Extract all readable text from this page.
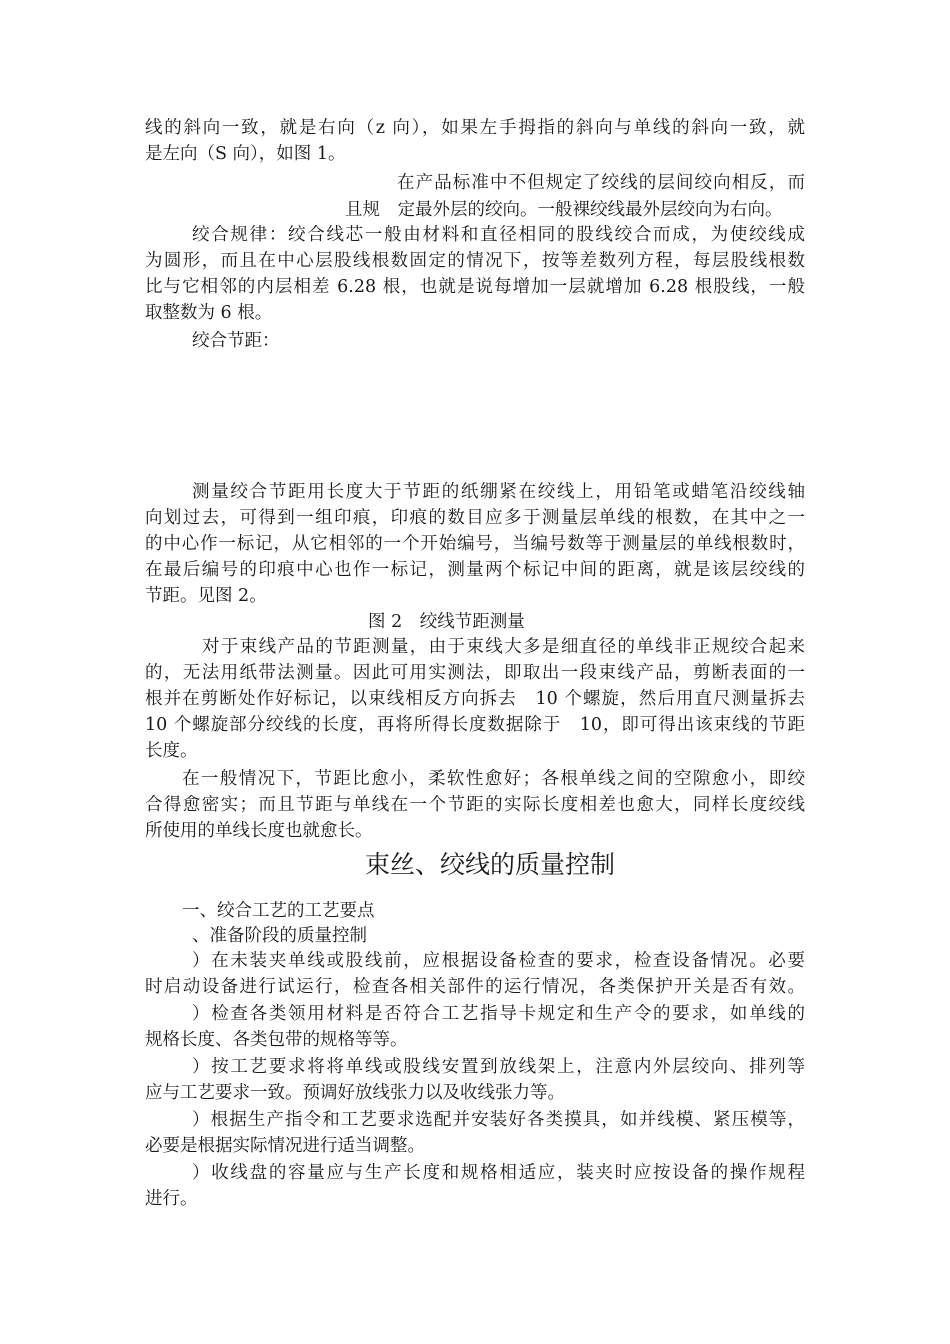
线的斜向一致，就是右向（z 向），如果左手拇指的斜向与单线的斜向一致，就
是左向（S 向），如图 1。
在产品标准中不但规定了绞线的层间绞向相反，而
且规　定最外层的绞向。一般裸绞线最外层绞向为右向。
绞合规律：绞合线芯一般由材料和直径相同的股线绞合而成，为使绞线成
为圆形，而且在中心层股线根数固定的情况下，按等差数列方程，每层股线根数
比与它相邻的内层相差 6.28 根，也就是说每增加一层就增加 6.28 根股线，一般
取整数为 6 根。
绞合节距：
测量绞合节距用长度大于节距的纸绷紧在绞线上，用铅笔或蜡笔沿绞线轴
向划过去，可得到一组印痕，印痕的数目应多于测量层单线的根数，在其中之一
的中心作一标记，从它相邻的一个开始编号，当编号数等于测量层的单线根数时，
在最后编号的印痕中心也作一标记，测量两个标记中间的距离，就是该层绞线的
节距。见图 2。
图 2　绞线节距测量
对于束线产品的节距测量，由于束线大多是细直径的单线非正规绞合起来
的，无法用纸带法测量。因此可用实测法，即取出一段束线产品，剪断表面的一
根并在剪断处作好标记，以束线相反方向拆去　10 个螺旋，然后用直尺测量拆去
10 个螺旋部分绞线的长度，再将所得长度数据除于　10，即可得出该束线的节距
长度。
在一般情况下，节距比愈小，柔软性愈好；各根单线之间的空隙愈小，即绞
合得愈密实；而且节距与单线在一个节距的实际长度相差也愈大，同样长度绞线
所使用的单线长度也就愈长。
束丝、绞线的质量控制
一、绞合工艺的工艺要点
、准备阶段的质量控制
）在未装夹单线或股线前，应根据设备检查的要求，检查设备情况。必要
时启动设备进行试运行，检查各相关部件的运行情况，各类保护开关是否有效。
）检查各类领用材料是否符合工艺指导卡规定和生产令的要求，如单线的
规格长度、各类包带的规格等等。
）按工艺要求将将单线或股线安置到放线架上，注意内外层绞向、排列等
应与工艺要求一致。预调好放线张力以及收线张力等。
）根据生产指令和工艺要求选配并安装好各类摸具，如并线模、紧压模等，
必要是根据实际情况进行适当调整。
）收线盘的容量应与生产长度和规格相适应，装夹时应按设备的操作规程
进行。
